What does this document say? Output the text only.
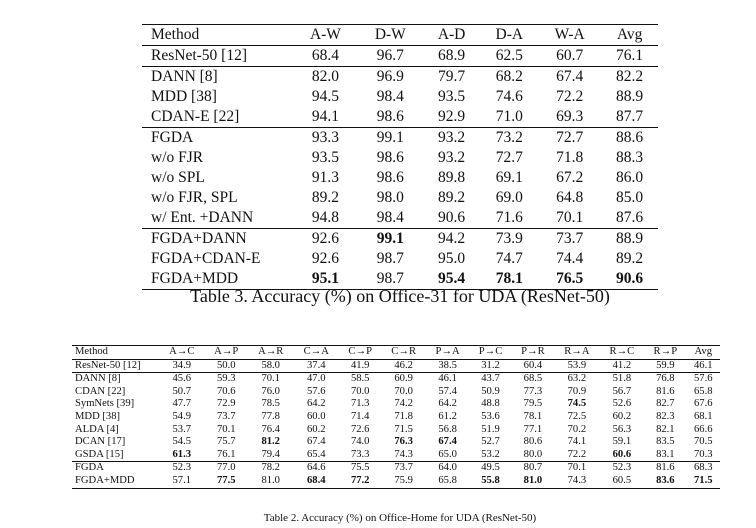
Method	A-W	D-W	A-D	D-A	W-A	Avg
ResNet-50 [12]	68.4	96.7	68.9	62.5	60.7	76.1
DANN [8]	82.0	96.9	79.7	68.2	67.4	82.2
MDD [38]	94.5	98.4	93.5	74.6	72.2	88.9
CDAN-E [22]	94.1	98.6	92.9	71.0	69.3	87.7
FGDA	93.3	99.1	93.2	73.2	72.7	88.6
w/o FJR	93.5	98.6	93.2	72.7	71.8	88.3
w/o SPL	91.3	98.6	89.8	69.1	67.2	86.0
w/o FJR, SPL	89.2	98.0	89.2	69.0	64.8	85.0
w/ Ent. +DANN	94.8	98.4	90.6	71.6	70.1	87.6
FGDA+DANN	92.6	99.1	94.2	73.9	73.7	88.9
FGDA+CDAN-E	92.6	98.7	95.0	74.7	74.4	89.2
FGDA+MDD	95.1	98.7	95.4	78.1	76.5	90.6
Table 3. Accuracy (%) on Office-31 for UDA (ResNet-50)
Method	A→C	A→P	A→R	C→A	C→P	C→R	P→A	P→C	P→R	R→A	R→C	R→P	Avg
ResNet-50 [12]	34.9	50.0	58.0	37.4	41.9	46.2	38.5	31.2	60.4	53.9	41.2	59.9	46.1
DANN [8]	45.6	59.3	70.1	47.0	58.5	60.9	46.1	43.7	68.5	63.2	51.8	76.8	57.6
CDAN [22]	50.7	70.6	76.0	57.6	70.0	70.0	57.4	50.9	77.3	70.9	56.7	81.6	65.8
SymNets [39]	47.7	72.9	78.5	64.2	71.3	74.2	64.2	48.8	79.5	74.5	52.6	82.7	67.6
MDD [38]	54.9	73.7	77.8	60.0	71.4	71.8	61.2	53.6	78.1	72.5	60.2	82.3	68.1
ALDA [4]	53.7	70.1	76.4	60.2	72.6	71.5	56.8	51.9	77.1	70.2	56.3	82.1	66.6
DCAN [17]	54.5	75.7	81.2	67.4	74.0	76.3	67.4	52.7	80.6	74.1	59.1	83.5	70.5
GSDA [15]	61.3	76.1	79.4	65.4	73.3	74.3	65.0	53.2	80.0	72.2	60.6	83.1	70.3
FGDA	52.3	77.0	78.2	64.6	75.5	73.7	64.0	49.5	80.7	70.1	52.3	81.6	68.3
FGDA+MDD	57.1	77.5	81.0	68.4	77.2	75.9	65.8	55.8	81.0	74.3	60.5	83.6	71.5
Table 2. Accuracy (%) on Office-Home for UDA (ResNet-50)
